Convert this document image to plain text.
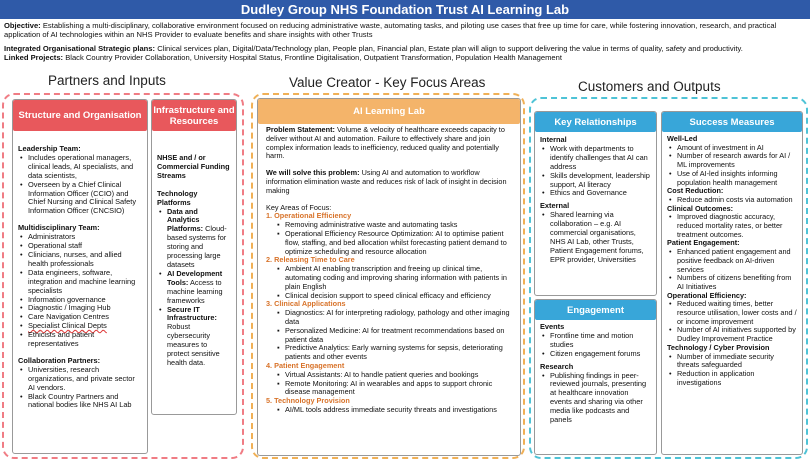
Dudley Group NHS Foundation Trust AI Learning Lab

Objective: Establishing a multi-disciplinary, collaborative environment focused on reducing administrative waste, automating tasks, and piloting use cases that free up time for care, while fostering innovation, research, and practical application of AI technologies within an NHS Provider to evaluate benefits and share insights with other Trusts

Integrated Organisational Strategic plans: Clinical services plan, Digital/Data/Technology plan, People plan, Financial plan, Estate plan will align to support delivering the value in terms of quality, safety and productivity.

Linked Projects: Black Country Provider Collaboration, University Hospital Status, Frontline Digitalisation, Outpatient Transformation, Population Health Management

Partners and Inputs	Value Creator - Key Focus Areas	Customers and Outputs
Structure and Organisation
Leadership Team:
• Includes operational managers, clinical leads, AI specialists, and data scientists,
• Overseen by a Chief Clinical Information Officer (CCIO) and Chief Nursing and Clinical Safety Information Officer (CNCSIO)
Multidisciplinary Team:
• Administrators
• Operational staff
• Clinicians, nurses, and allied health professionals
• Data engineers, software, integration and machine learning specialists
• Information governance
• Diagnostic / Imaging Hub
• Care Navigation Centres
• Specialist Clinical Depts
• Ethicists and patient representatives
Collaboration Partners:
• Universities, research organizations, and private sector AI vendors.
• Black Country Partners and national bodies like NHS AI Lab
Infrastructure and Resources
NHSE and / or Commercial Funding Streams
Technology Platforms
• Data and Analytics Platforms: Cloud-based systems for storing and processing large datasets
• AI Development Tools: Access to machine learning frameworks
• Secure IT Infrastructure: Robust cybersecurity measures to protect sensitive health data.
AI Learning Lab

Problem Statement: Volume & velocity of healthcare exceeds capacity to deliver without AI and automation. Failure to effectively share and join complex information leads to inefficiency, reduced quality and potentially harm.

We will solve this problem: Using AI and automation to workflow information elimination waste and reduces risk of lack of insight in decision making

Key Areas of Focus:
1. Operational Efficiency
▪ Removing administrative waste and automating tasks
▪ Operational Efficiency Resource Optimization: AI to optimise patient flow, staffing, and bed allocation whilst forecasting patient demand to optimize scheduling and resource allocation
2. Releasing Time to Care
▪ Ambient AI enabling transcription and freeing up clinical time, automating coding and improving sharing information with patients in plain English
▪ Clinical decision support to speed clinical efficacy and efficiency
3. Clinical Applications
▪ Diagnostics: AI for interpreting radiology, pathology and other imaging data
▪ Personalized Medicine: AI for treatment recommendations based on patient data
▪ Predictive Analytics: Early warning systems for sepsis, deteriorating patients and other events
4. Patient Engagement
▪ Virtual Assistants: AI to handle patient queries and bookings
▪ Remote Monitoring: AI in wearables and apps to support chronic disease management
5. Technology Provision
▪ AI/ML tools address immediate security threats and investigations
Key Relationships
Internal
• Work with departments to identify challenges that AI can address
• Skills development, leadership support, AI literacy
• Ethics and Governance
External
• Shared learning via collaboration – e.g. AI commercial organisations, NHS AI Lab, other Trusts, Patient Engagement forums, EPR provider, Universities
Engagement
Events
• Frontline time and motion studies
• Citizen engagement forums
Research
• Publishing findings in peer-reviewed journals, presenting at healthcare innovation events and sharing via other media like podcasts and panels
Success Measures
Well-Led
• Amount of investment in AI
• Number of research awards for AI / ML improvements
• Use of AI-led insights informing population health management
Cost Reduction:
• Reduce admin costs via automation
Clinical Outcomes:
• Improved diagnostic accuracy, reduced mortality rates, or better treatment outcomes.
Patient Engagement:
• Enhanced patient engagement and positive feedback on AI-driven services
• Numbers of citizens benefiting from AI Initiatives
Operational Efficiency:
• Reduced waiting times, better resource utilisation, lower costs and / or income improvement
• Number of AI initiatives supported by Dudley Improvement Practice
Technology / Cyber Provision
• Number of immediate security threats safeguarded
• Reduction in application investigations
